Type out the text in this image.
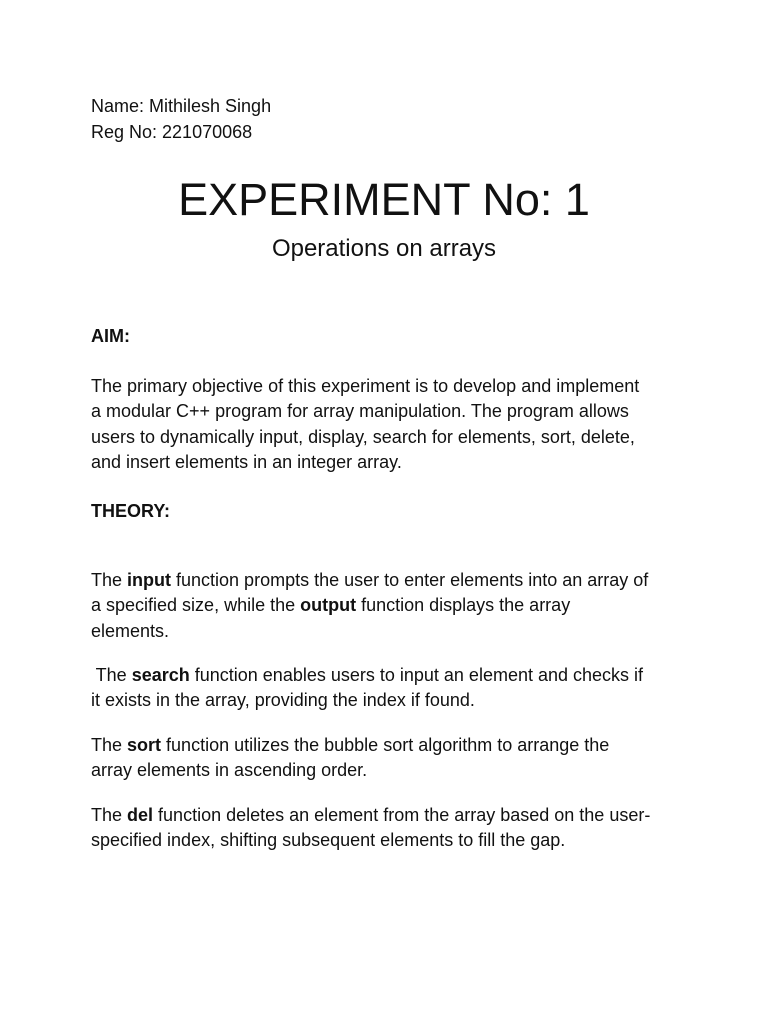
Name: Mithilesh Singh
Reg No: 221070068
EXPERIMENT No: 1
Operations on arrays
AIM:
The primary objective of this experiment is to develop and implement
a modular C++ program for array manipulation. The program allows
users to dynamically input, display, search for elements, sort, delete,
and insert elements in an integer array.
THEORY:
The input function prompts the user to enter elements into an array of
a specified size, while the output function displays the array
elements.
The search function enables users to input an element and checks if
it exists in the array, providing the index if found.
The sort function utilizes the bubble sort algorithm to arrange the
array elements in ascending order.
The del function deletes an element from the array based on the user-
specified index, shifting subsequent elements to fill the gap.
